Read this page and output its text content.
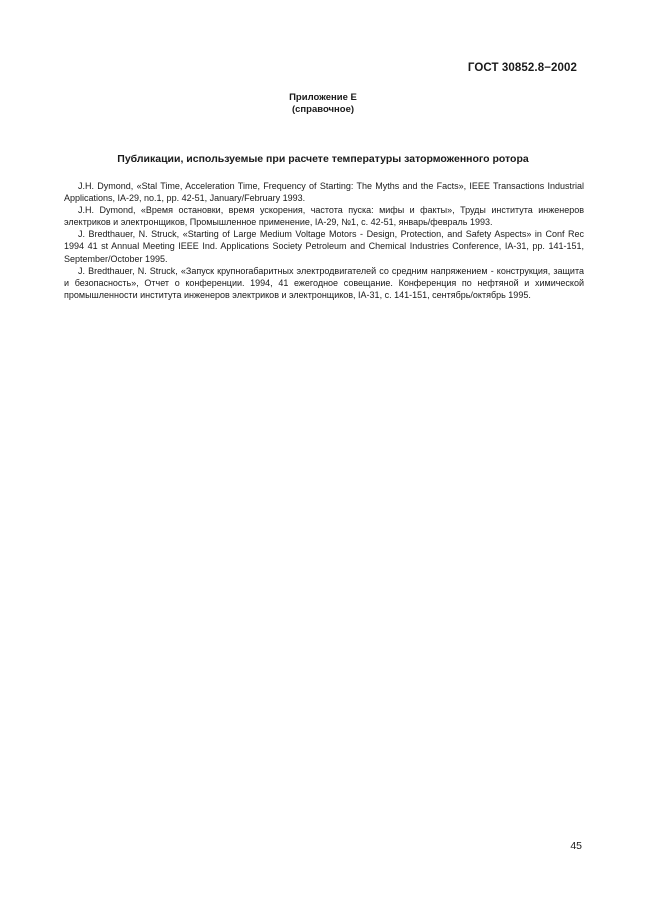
ГОСТ 30852.8−2002
Приложение Е
(справочное)
Публикации, используемые при расчете температуры заторможенного ротора

J.H. Dymond, «Stal Time, Acceleration Time, Frequency of Starting: The Myths and the Facts», IEEE Transactions Industrial Applications, IA-29, no.1, pp. 42-51, January/February 1993.

J.H. Dymond, «Время остановки, время ускорения, частота пуска: мифы и факты», Труды института инженеров электриков и электронщиков, Промышленное применение, IA-29, №1, с. 42-51, январь/февраль 1993.

J. Bredthauer, N. Struck, «Starting of Large Medium Voltage Motors - Design, Protection, and Safety Aspects» in Conf Rec 1994 41 st Annual Meeting IEEE Ind. Applications Society Petroleum and Chemical Industries Conference, IA-31, pp. 141-151, September/October 1995.

J. Bredthauer, N. Struck, «Запуск крупногабаритных электродвигателей со средним напряжением - конструкция, защита и безопасность», Отчет о конференции. 1994, 41 ежегодное совещание. Конференция по нефтяной и химической промышленности института инженеров электриков и электронщиков, IA-31, с. 141-151, сентябрь/октябрь 1995.

45
